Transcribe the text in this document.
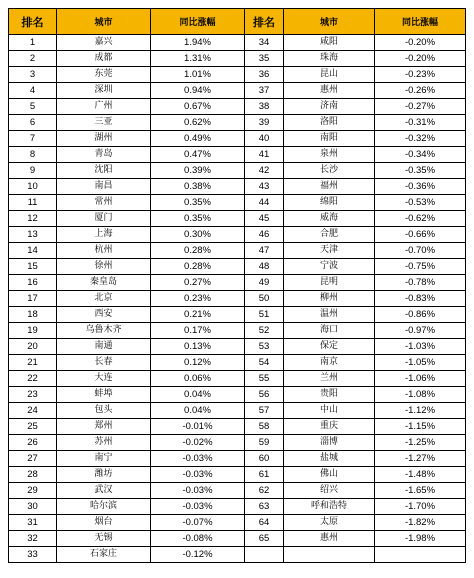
排名	城市	同比涨幅	排名	城市	同比涨幅
1	嘉兴	1.94%	34	咸阳	-0.20%
2	成都	1.31%	35	珠海	-0.20%
3	东莞	1.01%	36	昆山	-0.23%
4	深圳	0.94%	37	惠州	-0.26%
5	广州	0.67%	38	济南	-0.27%
6	三亚	0.62%	39	洛阳	-0.31%
7	湖州	0.49%	40	南阳	-0.32%
8	青岛	0.47%	41	泉州	-0.34%
9	沈阳	0.39%	42	长沙	-0.35%
10	南昌	0.38%	43	福州	-0.36%
11	常州	0.35%	44	绵阳	-0.53%
12	厦门	0.35%	45	威海	-0.62%
13	上海	0.30%	46	合肥	-0.66%
14	杭州	0.28%	47	天津	-0.70%
15	徐州	0.28%	48	宁波	-0.75%
16	秦皇岛	0.27%	49	昆明	-0.78%
17	北京	0.23%	50	柳州	-0.83%
18	西安	0.21%	51	温州	-0.86%
19	乌鲁木齐	0.17%	52	海口	-0.97%
20	南通	0.13%	53	保定	-1.03%
21	长春	0.12%	54	南京	-1.05%
22	大连	0.06%	55	兰州	-1.06%
23	蚌埠	0.04%	56	贵阳	-1.08%
24	包头	0.04%	57	中山	-1.12%
25	郑州	-0.01%	58	重庆	-1.15%
26	苏州	-0.02%	59	淄博	-1.25%
27	南宁	-0.03%	60	盐城	-1.27%
28	潍坊	-0.03%	61	佛山	-1.48%
29	武汉	-0.03%	62	绍兴	-1.65%
30	哈尔滨	-0.03%	63	呼和浩特	-1.70%
31	烟台	-0.07%	64	太原	-1.82%
32	无锡	-0.08%	65	惠州	-1.98%
33	石家庄	-0.12%			
